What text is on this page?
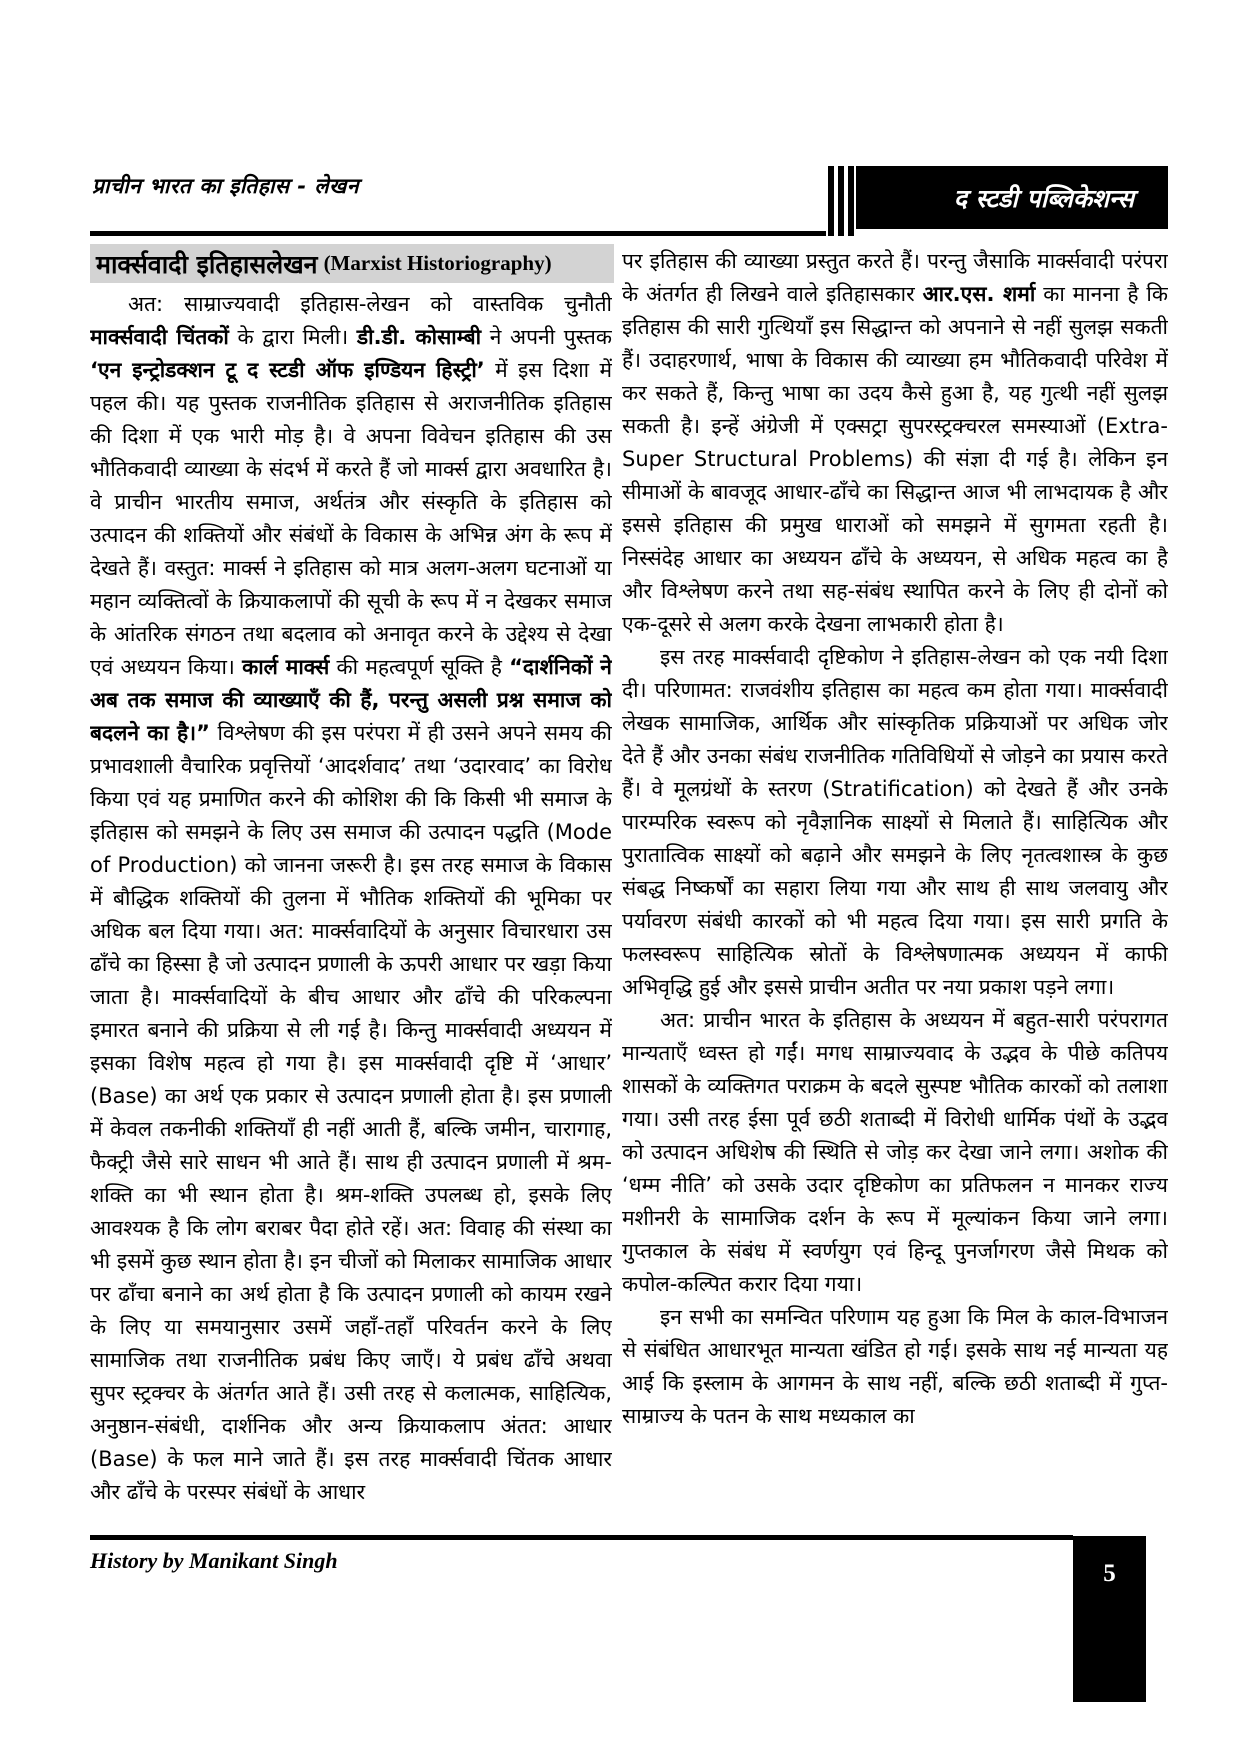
प्राचीन भारत का इतिहास - लेखन	द स्टडी पब्लिकेशन्स
मार्क्सवादी इतिहासलेखन (Marxist Historiography)

अत: साम्राज्यवादी इतिहास-लेखन को वास्तविक चुनौती मार्क्सवादी चिंतकों के द्वारा मिली। डी.डी. कोसाम्बी ने अपनी पुस्तक ‘एन इन्ट्रोडक्शन टू द स्टडी ऑफ इण्डियन हिस्ट्री’ में इस दिशा में पहल की। यह पुस्तक राजनीतिक इतिहास से अराजनीतिक इतिहास की दिशा में एक भारी मोड़ है। वे अपना विवेचन इतिहास की उस भौतिकवादी व्याख्या के संदर्भ में करते हैं जो मार्क्स द्वारा अवधारित है। वे प्राचीन भारतीय समाज, अर्थतंत्र और संस्कृति के इतिहास को उत्पादन की शक्तियों और संबंधों के विकास के अभिन्न अंग के रूप में देखते हैं। वस्तुत: मार्क्स ने इतिहास को मात्र अलग-अलग घटनाओं या महान व्यक्तित्वों के क्रियाकलापों की सूची के रूप में न देखकर समाज के आंतरिक संगठन तथा बदलाव को अनावृत करने के उद्देश्य से देखा एवं अध्ययन किया। कार्ल मार्क्स की महत्वपूर्ण सूक्ति है “दार्शनिकों ने अब तक समाज की व्याख्याएँ की हैं, परन्तु असली प्रश्न समाज को बदलने का है।” विश्लेषण की इस परंपरा में ही उसने अपने समय की प्रभावशाली वैचारिक प्रवृत्तियों ‘आदर्शवाद’ तथा ‘उदारवाद’ का विरोध किया एवं यह प्रमाणित करने की कोशिश की कि किसी भी समाज के इतिहास को समझने के लिए उस समाज की उत्पादन पद्धति (Mode of Production) को जानना जरूरी है। इस तरह समाज के विकास में बौद्धिक शक्तियों की तुलना में भौतिक शक्तियों की भूमिका पर अधिक बल दिया गया। अत: मार्क्सवादियों के अनुसार विचारधारा उस ढाँचे का हिस्सा है जो उत्पादन प्रणाली के ऊपरी आधार पर खड़ा किया जाता है। मार्क्सवादियों के बीच आधार और ढाँचे की परिकल्पना इमारत बनाने की प्रक्रिया से ली गई है। किन्तु मार्क्सवादी अध्ययन में इसका विशेष महत्व हो गया है। इस मार्क्सवादी दृष्टि में ‘आधार’ (Base) का अर्थ एक प्रकार से उत्पादन प्रणाली होता है। इस प्रणाली में केवल तकनीकी शक्तियाँ ही नहीं आती हैं, बल्कि जमीन, चारागाह, फैक्ट्री जैसे सारे साधन भी आते हैं। साथ ही उत्पादन प्रणाली में श्रम-शक्ति का भी स्थान होता है। श्रम-शक्ति उपलब्ध हो, इसके लिए आवश्यक है कि लोग बराबर पैदा होते रहें। अत: विवाह की संस्था का भी इसमें कुछ स्थान होता है। इन चीजों को मिलाकर सामाजिक आधार पर ढाँचा बनाने का अर्थ होता है कि उत्पादन प्रणाली को कायम रखने के लिए या समयानुसार उसमें जहाँ-तहाँ परिवर्तन करने के लिए सामाजिक तथा राजनीतिक प्रबंध किए जाएँ। ये प्रबंध ढाँचे अथवा सुपर स्ट्रक्चर के अंतर्गत आते हैं। उसी तरह से कलात्मक, साहित्यिक, अनुष्ठान-संबंधी, दार्शनिक और अन्य क्रियाकलाप अंतत: आधार (Base) के फल माने जाते हैं। इस तरह मार्क्सवादी चिंतक आधार और ढाँचे के परस्पर संबंधों के आधार

पर इतिहास की व्याख्या प्रस्तुत करते हैं। परन्तु जैसाकि मार्क्सवादी परंपरा के अंतर्गत ही लिखने वाले इतिहासकार आर.एस. शर्मा का मानना है कि इतिहास की सारी गुत्थियाँ इस सिद्धान्त को अपनाने से नहीं सुलझ सकती हैं। उदाहरणार्थ, भाषा के विकास की व्याख्या हम भौतिकवादी परिवेश में कर सकते हैं, किन्तु भाषा का उदय कैसे हुआ है, यह गुत्थी नहीं सुलझ सकती है। इन्हें अंग्रेजी में एक्सट्रा सुपरस्ट्रक्चरल समस्याओं (Extra-Super Structural Problems) की संज्ञा दी गई है। लेकिन इन सीमाओं के बावजूद आधार-ढाँचे का सिद्धान्त आज भी लाभदायक है और इससे इतिहास की प्रमुख धाराओं को समझने में सुगमता रहती है। निस्संदेह आधार का अध्ययन ढाँचे के अध्ययन, से अधिक महत्व का है और विश्लेषण करने तथा सह-संबंध स्थापित करने के लिए ही दोनों को एक-दूसरे से अलग करके देखना लाभकारी होता है।

इस तरह मार्क्सवादी दृष्टिकोण ने इतिहास-लेखन को एक नयी दिशा दी। परिणामत: राजवंशीय इतिहास का महत्व कम होता गया। मार्क्सवादी लेखक सामाजिक, आर्थिक और सांस्कृतिक प्रक्रियाओं पर अधिक जोर देते हैं और उनका संबंध राजनीतिक गतिविधियों से जोड़ने का प्रयास करते हैं। वे मूलग्रंथों के स्तरण (Stratification) को देखते हैं और उनके पारम्परिक स्वरूप को नृवैज्ञानिक साक्ष्यों से मिलाते हैं। साहित्यिक और पुरातात्विक साक्ष्यों को बढ़ाने और समझने के लिए नृतत्वशास्त्र के कुछ संबद्ध निष्कर्षों का सहारा लिया गया और साथ ही साथ जलवायु और पर्यावरण संबंधी कारकों को भी महत्व दिया गया। इस सारी प्रगति के फलस्वरूप साहित्यिक स्रोतों के विश्लेषणात्मक अध्ययन में काफी अभिवृद्धि हुई और इससे प्राचीन अतीत पर नया प्रकाश पड़ने लगा।

अत: प्राचीन भारत के इतिहास के अध्ययन में बहुत-सारी परंपरागत मान्यताएँ ध्वस्त हो गईं। मगध साम्राज्यवाद के उद्भव के पीछे कतिपय शासकों के व्यक्तिगत पराक्रम के बदले सुस्पष्ट भौतिक कारकों को तलाशा गया। उसी तरह ईसा पूर्व छठी शताब्दी में विरोधी धार्मिक पंथों के उद्भव को उत्पादन अधिशेष की स्थिति से जोड़ कर देखा जाने लगा। अशोक की ‘धम्म नीति’ को उसके उदार दृष्टिकोण का प्रतिफलन न मानकर राज्य मशीनरी के सामाजिक दर्शन के रूप में मूल्यांकन किया जाने लगा। गुप्तकाल के संबंध में स्वर्णयुग एवं हिन्दू पुनर्जागरण जैसे मिथक को कपोल-कल्पित करार दिया गया।

इन सभी का समन्वित परिणाम यह हुआ कि मिल के काल-विभाजन से संबंधित आधारभूत मान्यता खंडित हो गई। इसके साथ नई मान्यता यह आई कि इस्लाम के आगमन के साथ नहीं, बल्कि छठी शताब्दी में गुप्त-साम्राज्य के पतन के साथ मध्यकाल का

History by Manikant Singh	5
